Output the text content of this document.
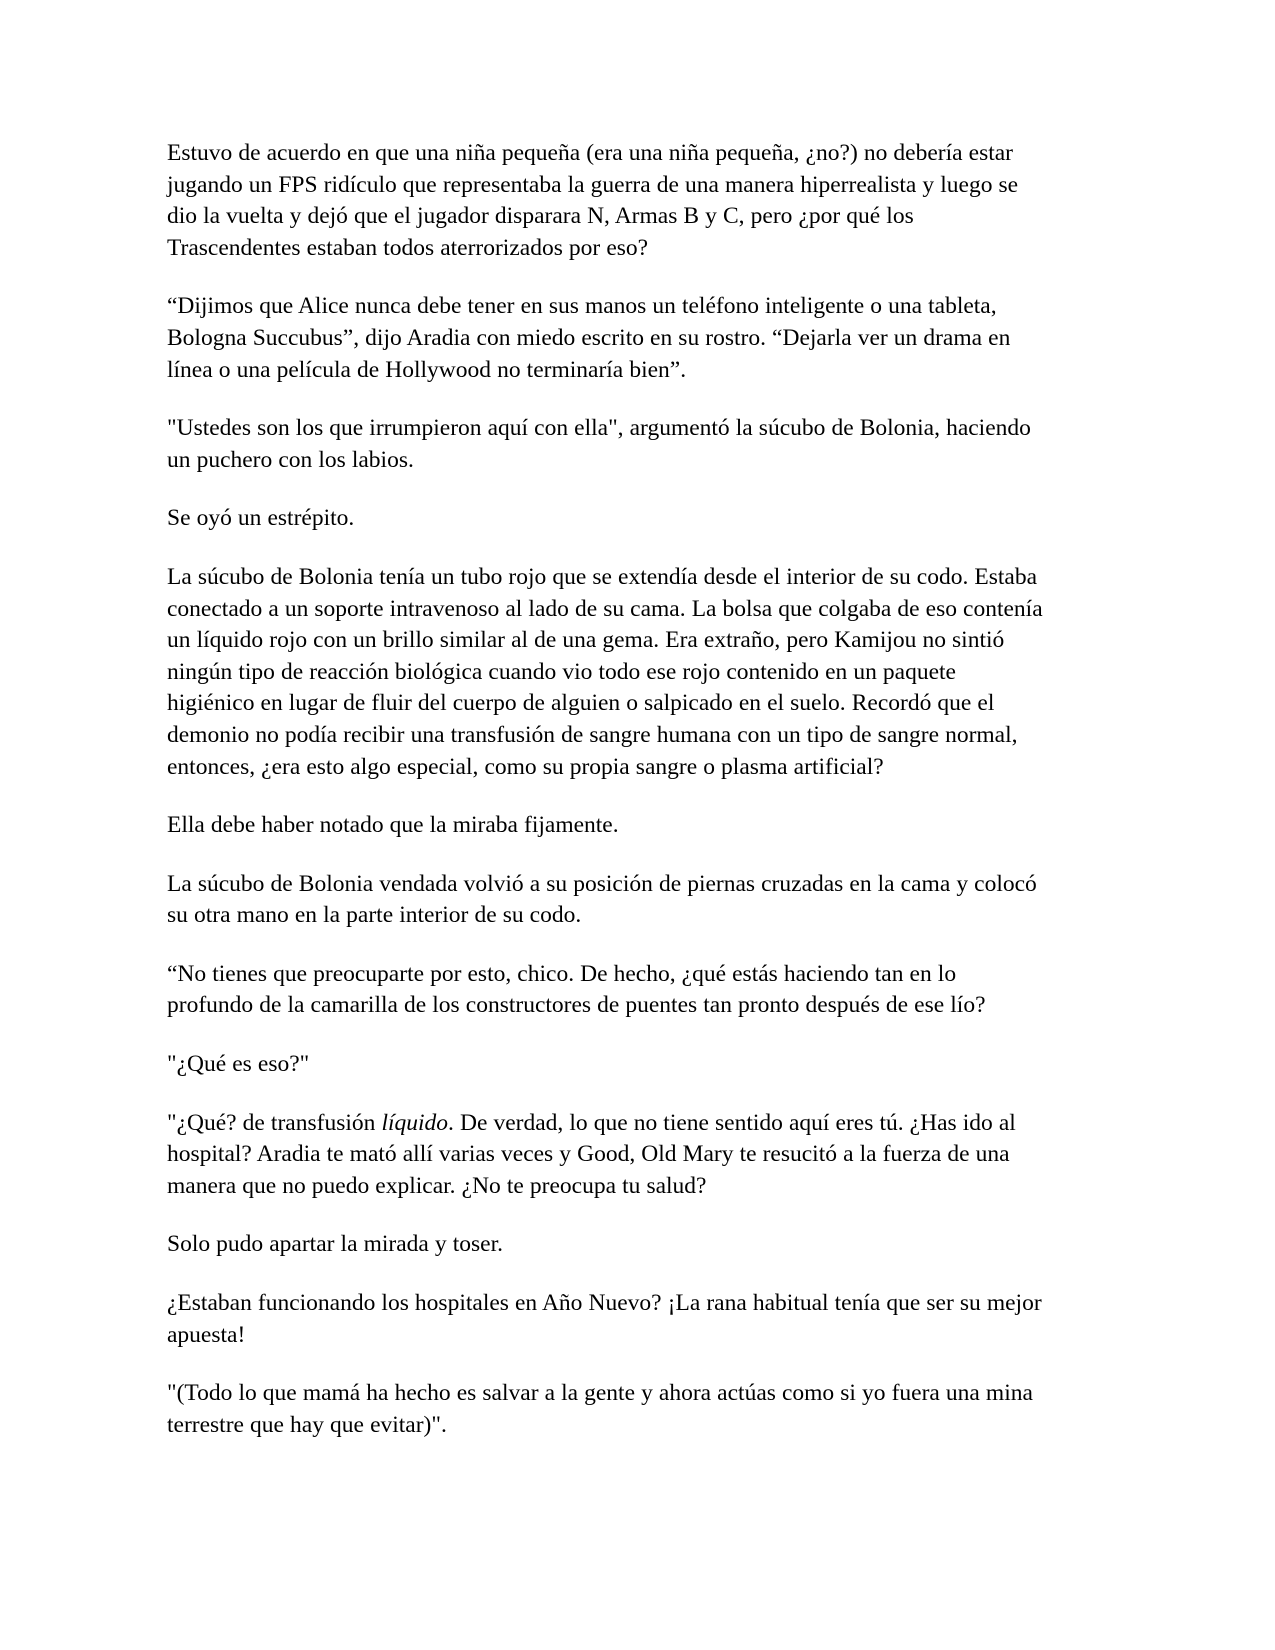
Estuvo de acuerdo en que una niña pequeña (era una niña pequeña, ¿no?) no debería estar jugando un FPS ridículo que representaba la guerra de una manera hiperrealista y luego se dio la vuelta y dejó que el jugador disparara N, Armas B y C, pero ¿por qué los Trascendentes estaban todos aterrorizados por eso?

“Dijimos que Alice nunca debe tener en sus manos un teléfono inteligente o una tableta, Bologna Succubus”, dijo Aradia con miedo escrito en su rostro. “Dejarla ver un drama en línea o una película de Hollywood no terminaría bien”.

"Ustedes son los que irrumpieron aquí con ella", argumentó la súcubo de Bolonia, haciendo un puchero con los labios.

Se oyó un estrépito.

La súcubo de Bolonia tenía un tubo rojo que se extendía desde el interior de su codo. Estaba conectado a un soporte intravenoso al lado de su cama. La bolsa que colgaba de eso contenía un líquido rojo con un brillo similar al de una gema. Era extraño, pero Kamijou no sintió ningún tipo de reacción biológica cuando vio todo ese rojo contenido en un paquete higiénico en lugar de fluir del cuerpo de alguien o salpicado en el suelo. Recordó que el demonio no podía recibir una transfusión de sangre humana con un tipo de sangre normal, entonces, ¿era esto algo especial, como su propia sangre o plasma artificial?

Ella debe haber notado que la miraba fijamente.

La súcubo de Bolonia vendada volvió a su posición de piernas cruzadas en la cama y colocó su otra mano en la parte interior de su codo.

“No tienes que preocuparte por esto, chico. De hecho, ¿qué estás haciendo tan en lo profundo de la camarilla de los constructores de puentes tan pronto después de ese lío?

"¿Qué es eso?"

"¿Qué? de transfusión líquido. De verdad, lo que no tiene sentido aquí eres tú. ¿Has ido al hospital? Aradia te mató allí varias veces y Good, Old Mary te resucitó a la fuerza de una manera que no puedo explicar. ¿No te preocupa tu salud?

Solo pudo apartar la mirada y toser.

¿Estaban funcionando los hospitales en Año Nuevo? ¡La rana habitual tenía que ser su mejor apuesta!

"(Todo lo que mamá ha hecho es salvar a la gente y ahora actúas como si yo fuera una mina terrestre que hay que evitar)".
